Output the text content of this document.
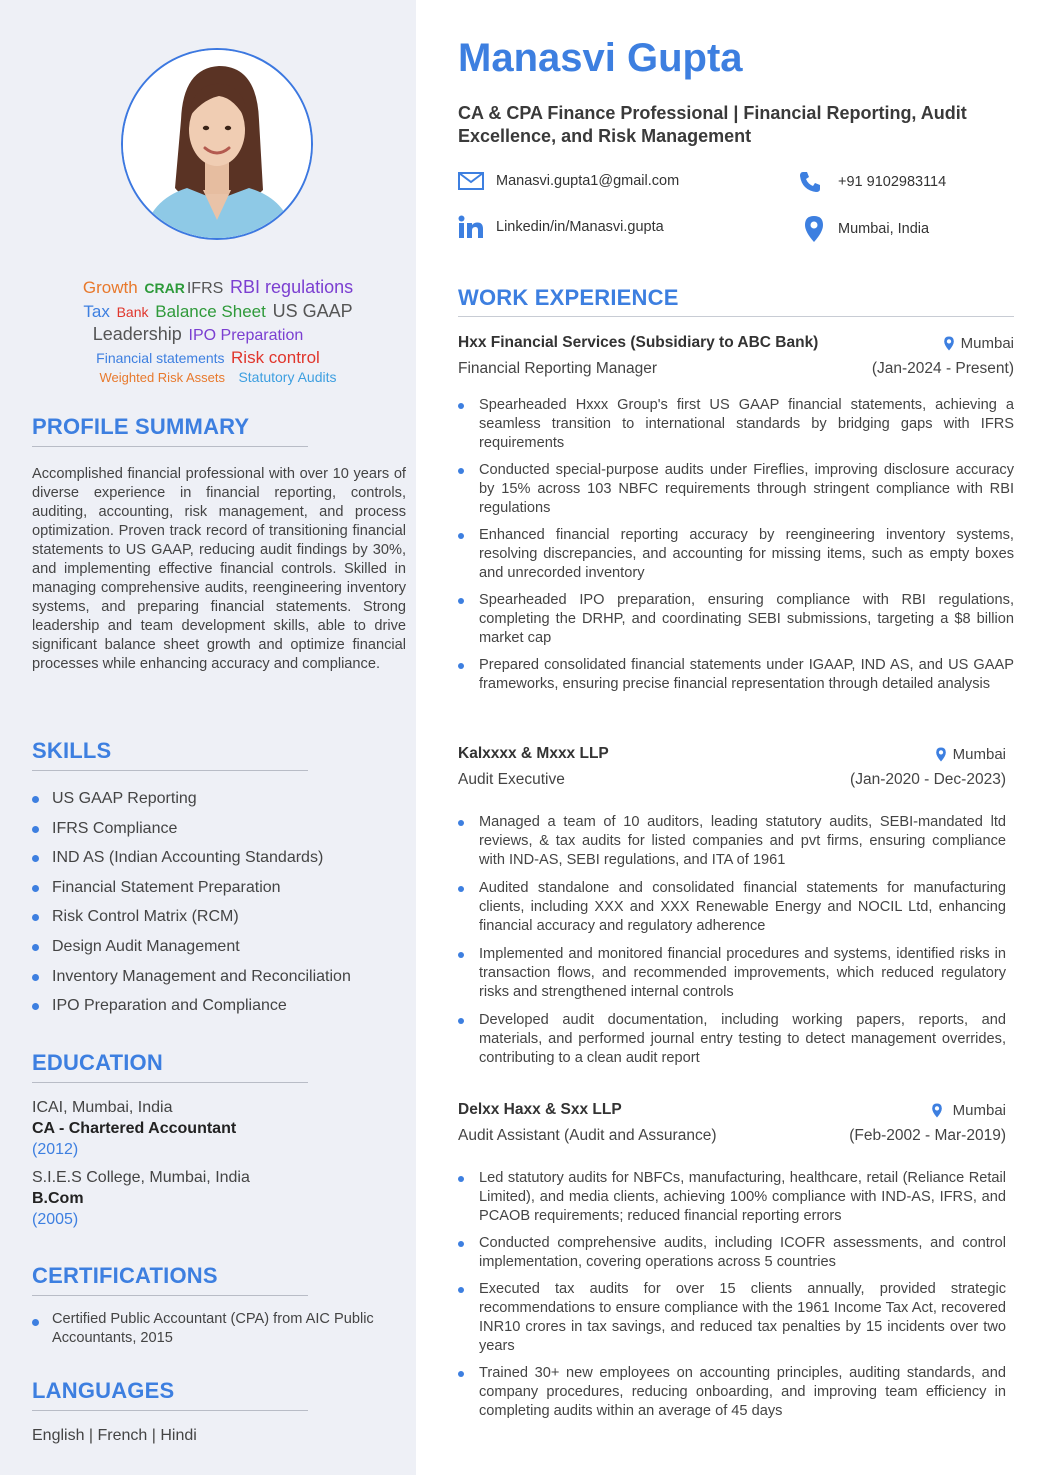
Growth CRAR IFRS RBI regulations
Tax Bank Balance Sheet US GAAP
Leadership IPO Preparation
Financial statements Risk control
Weighted Risk Assets Statutory Audits
PROFILE SUMMARY

Accomplished financial professional with over 10 years of diverse experience in financial reporting, controls, auditing, accounting, risk management, and process optimization. Proven track record of transitioning financial statements to US GAAP, reducing audit findings by 30%, and implementing effective financial controls. Skilled in managing comprehensive audits, reengineering inventory systems, and preparing financial statements. Strong leadership and team development skills, able to drive significant balance sheet growth and optimize financial processes while enhancing accuracy and compliance.

SKILLS
US GAAP Reporting
IFRS Compliance
IND AS (Indian Accounting Standards)
Financial Statement Preparation
Risk Control Matrix (RCM)
Design Audit Management
Inventory Management and Reconciliation
IPO Preparation and Compliance
EDUCATION
ICAI, Mumbai, India
CA - Chartered Accountant
(2012)
S.I.E.S College, Mumbai, India
B.Com
(2005)
CERTIFICATIONS
Certified Public Accountant (CPA) from AIC Public Accountants, 2015
LANGUAGES
English | French | Hindi
Manasvi Gupta
CA & CPA Finance Professional | Financial Reporting, Audit Excellence, and Risk Management
Manasvi.gupta1@gmail.com	+91 9102983114
Linkedin/in/Manasvi.gupta	Mumbai, India
WORK EXPERIENCE
Hxx Financial Services (Subsidiary to ABC Bank)	Mumbai
Financial Reporting Manager	(Jan-2024 - Present)
Spearheaded Hxxx Group's first US GAAP financial statements, achieving a seamless transition to international standards by bridging gaps with IFRS requirements
Conducted special-purpose audits under Fireflies, improving disclosure accuracy by 15% across 103 NBFC requirements through stringent compliance with RBI regulations
Enhanced financial reporting accuracy by reengineering inventory systems, resolving discrepancies, and accounting for missing items, such as empty boxes and unrecorded inventory
Spearheaded IPO preparation, ensuring compliance with RBI regulations, completing the DRHP, and coordinating SEBI submissions, targeting a $8 billion market cap
Prepared consolidated financial statements under IGAAP, IND AS, and US GAAP frameworks, ensuring precise financial representation through detailed analysis
Kalxxxx & Mxxx LLP	Mumbai
Audit Executive	(Jan-2020 - Dec-2023)
Managed a team of 10 auditors, leading statutory audits, SEBI-mandated ltd reviews, & tax audits for listed companies and pvt firms, ensuring compliance with IND-AS, SEBI regulations, and ITA of 1961
Audited standalone and consolidated financial statements for manufacturing clients, including XXX and XXX Renewable Energy and NOCIL Ltd, enhancing financial accuracy and regulatory adherence
Implemented and monitored financial procedures and systems, identified risks in transaction flows, and recommended improvements, which reduced regulatory risks and strengthened internal controls
Developed audit documentation, including working papers, reports, and materials, and performed journal entry testing to detect management overrides, contributing to a clean audit report
Delxx Haxx & Sxx LLP	Mumbai
Audit Assistant (Audit and Assurance)	(Feb-2002 - Mar-2019)
Led statutory audits for NBFCs, manufacturing, healthcare, retail (Reliance Retail Limited), and media clients, achieving 100% compliance with IND-AS, IFRS, and PCAOB requirements; reduced financial reporting errors
Conducted comprehensive audits, including ICOFR assessments, and control implementation, covering operations across 5 countries
Executed tax audits for over 15 clients annually, provided strategic recommendations to ensure compliance with the 1961 Income Tax Act, recovered INR10 crores in tax savings, and reduced tax penalties by 15 incidents over two years
Trained 30+ new employees on accounting principles, auditing standards, and company procedures, reducing onboarding, and improving team efficiency in completing audits within an average of 45 days
